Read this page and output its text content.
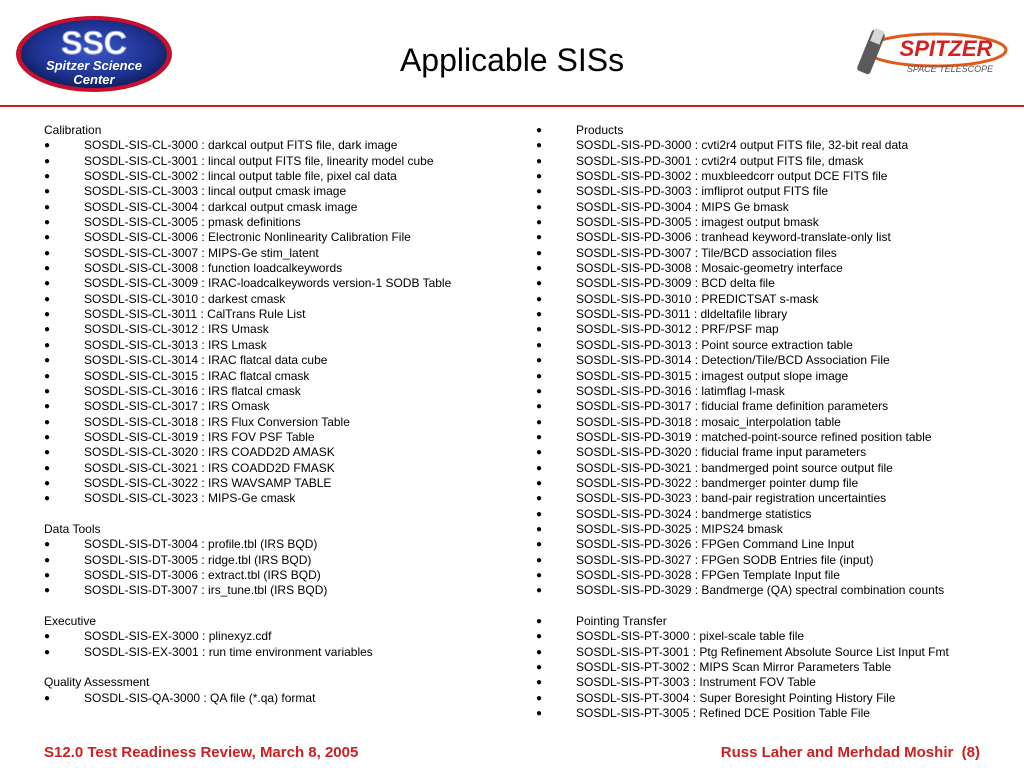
SSC
Spitzer Science
Center
Applicable SISs	SPITZER
SPACE TELESCOPE
Calibration
●	SOSDL-SIS-CL-3000 : darkcal output FITS file, dark image
●	SOSDL-SIS-CL-3001 : lincal output FITS file, linearity model cube
●	SOSDL-SIS-CL-3002 : lincal output table file, pixel cal data
●	SOSDL-SIS-CL-3003 : lincal output cmask image
●	SOSDL-SIS-CL-3004 : darkcal output cmask image
●	SOSDL-SIS-CL-3005 : pmask definitions
●	SOSDL-SIS-CL-3006 : Electronic Nonlinearity Calibration File
●	SOSDL-SIS-CL-3007 : MIPS-Ge stim_latent
●	SOSDL-SIS-CL-3008 : function loadcalkeywords
●	SOSDL-SIS-CL-3009 : IRAC-loadcalkeywords version-1 SODB Table
●	SOSDL-SIS-CL-3010 : darkest cmask
●	SOSDL-SIS-CL-3011 : CalTrans Rule List
●	SOSDL-SIS-CL-3012 : IRS Umask
●	SOSDL-SIS-CL-3013 : IRS Lmask
●	SOSDL-SIS-CL-3014 : IRAC flatcal data cube
●	SOSDL-SIS-CL-3015 : IRAC flatcal cmask
●	SOSDL-SIS-CL-3016 : IRS flatcal cmask
●	SOSDL-SIS-CL-3017 : IRS Omask
●	SOSDL-SIS-CL-3018 : IRS Flux Conversion Table
●	SOSDL-SIS-CL-3019 : IRS FOV PSF Table
●	SOSDL-SIS-CL-3020 : IRS COADD2D AMASK
●	SOSDL-SIS-CL-3021 : IRS COADD2D FMASK
●	SOSDL-SIS-CL-3022 : IRS WAVSAMP TABLE
●	SOSDL-SIS-CL-3023 : MIPS-Ge cmask
Data Tools
●	SOSDL-SIS-DT-3004 : profile.tbl (IRS BQD)
●	SOSDL-SIS-DT-3005 : ridge.tbl (IRS BQD)
●	SOSDL-SIS-DT-3006 : extract.tbl (IRS BQD)
●	SOSDL-SIS-DT-3007 : irs_tune.tbl (IRS BQD)
Executive
●	SOSDL-SIS-EX-3000 : plinexyz.cdf
●	SOSDL-SIS-EX-3001 : run time environment variables
Quality Assessment
●	SOSDL-SIS-QA-3000 : QA file (*.qa) format
●	Products
●	SOSDL-SIS-PD-3000 : cvti2r4 output FITS file, 32-bit real data
●	SOSDL-SIS-PD-3001 : cvti2r4 output FITS file, dmask
●	SOSDL-SIS-PD-3002 : muxbleedcorr output DCE FITS file
●	SOSDL-SIS-PD-3003 : imfliprot output FITS file
●	SOSDL-SIS-PD-3004 : MIPS Ge bmask
●	SOSDL-SIS-PD-3005 : imagest output bmask
●	SOSDL-SIS-PD-3006 : tranhead keyword-translate-only list
●	SOSDL-SIS-PD-3007 : Tile/BCD association files
●	SOSDL-SIS-PD-3008 : Mosaic-geometry interface
●	SOSDL-SIS-PD-3009 : BCD delta file
●	SOSDL-SIS-PD-3010 : PREDICTSAT s-mask
●	SOSDL-SIS-PD-3011 : dldeltafile library
●	SOSDL-SIS-PD-3012 : PRF/PSF map
●	SOSDL-SIS-PD-3013 : Point source extraction table
●	SOSDL-SIS-PD-3014 : Detection/Tile/BCD Association File
●	SOSDL-SIS-PD-3015 : imagest output slope image
●	SOSDL-SIS-PD-3016 : latimflag l-mask
●	SOSDL-SIS-PD-3017 : fiducial frame definition parameters
●	SOSDL-SIS-PD-3018 : mosaic_interpolation table
●	SOSDL-SIS-PD-3019 : matched-point-source refined position table
●	SOSDL-SIS-PD-3020 : fiducial frame input parameters
●	SOSDL-SIS-PD-3021 : bandmerged point source output file
●	SOSDL-SIS-PD-3022 : bandmerger pointer dump file
●	SOSDL-SIS-PD-3023 : band-pair registration uncertainties
●	SOSDL-SIS-PD-3024 : bandmerge statistics
●	SOSDL-SIS-PD-3025 : MIPS24 bmask
●	SOSDL-SIS-PD-3026 : FPGen Command Line Input
●	SOSDL-SIS-PD-3027 : FPGen SODB Entries file (input)
●	SOSDL-SIS-PD-3028 : FPGen Template Input file
●	SOSDL-SIS-PD-3029 : Bandmerge (QA) spectral combination counts
●	Pointing Transfer
●	SOSDL-SIS-PT-3000 : pixel-scale table file
●	SOSDL-SIS-PT-3001 : Ptg Refinement Absolute Source List Input Fmt
●	SOSDL-SIS-PT-3002 : MIPS Scan Mirror Parameters Table
●	SOSDL-SIS-PT-3003 : Instrument FOV Table
●	SOSDL-SIS-PT-3004 : Super Boresight Pointing History File
●	SOSDL-SIS-PT-3005 : Refined DCE Position Table File
S12.0 Test Readiness Review, March 8, 2005	Russ Laher and Merhdad Moshir  (8)
